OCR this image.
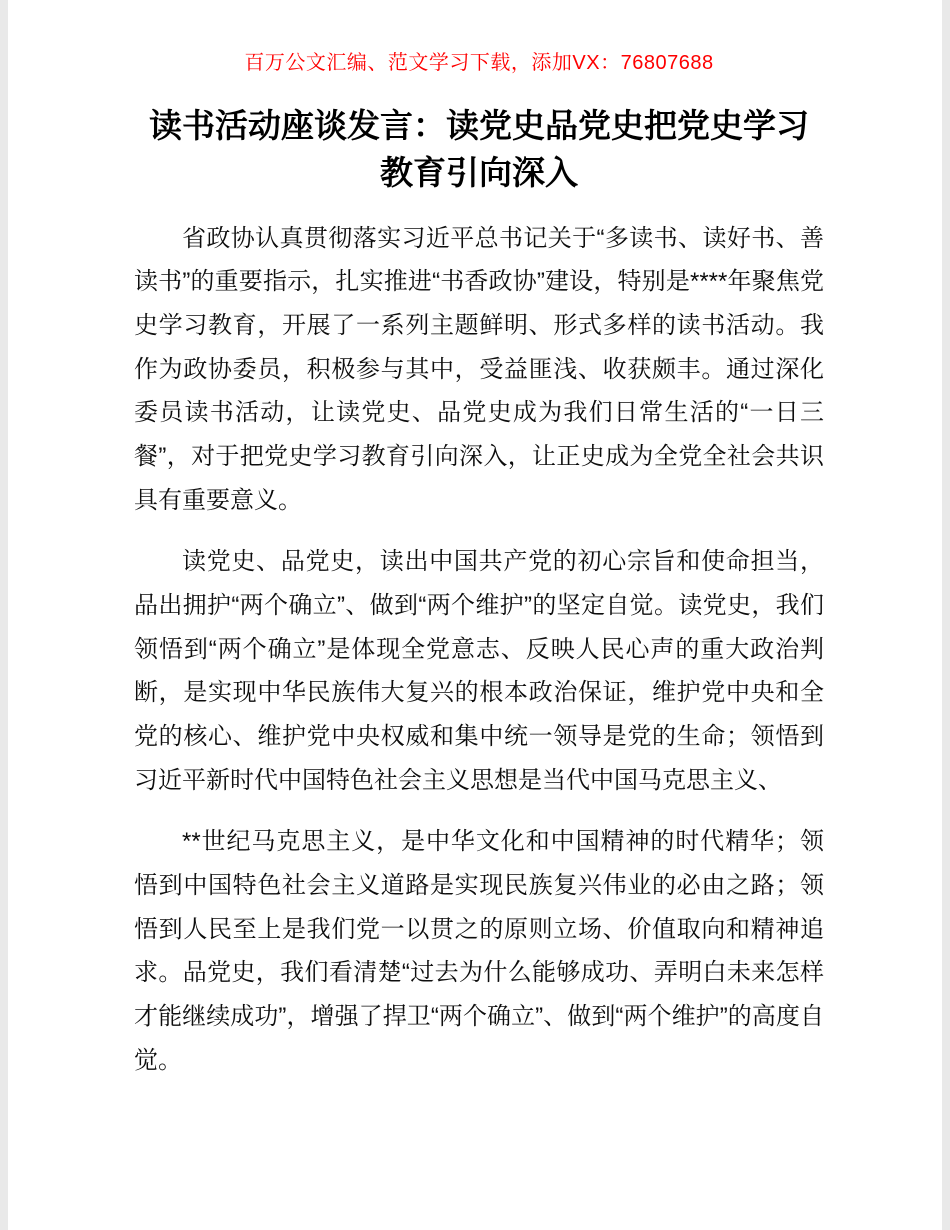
百万公文汇编、范文学习下载，添加VX：76807688
读书活动座谈发言：读党史品党史把党史学习教育引向深入

省政协认真贯彻落实习近平总书记关于“多读书、读好书、善读书”的重要指示，扎实推进“书香政协”建设，特别是****年聚焦党史学习教育，开展了一系列主题鲜明、形式多样的读书活动。我作为政协委员，积极参与其中，受益匪浅、收获颇丰。通过深化委员读书活动，让读党史、品党史成为我们日常生活的“一日三餐”，对于把党史学习教育引向深入，让正史成为全党全社会共识具有重要意义。

读党史、品党史，读出中国共产党的初心宗旨和使命担当，品出拥护“两个确立”、做到“两个维护”的坚定自觉。读党史，我们领悟到“两个确立”是体现全党意志、反映人民心声的重大政治判断，是实现中华民族伟大复兴的根本政治保证，维护党中央和全党的核心、维护党中央权威和集中统一领导是党的生命；领悟到习近平新时代中国特色社会主义思想是当代中国马克思主义、

**世纪马克思主义，是中华文化和中国精神的时代精华；领悟到中国特色社会主义道路是实现民族复兴伟业的必由之路；领悟到人民至上是我们党一以贯之的原则立场、价值取向和精神追求。品党史，我们看清楚“过去为什么能够成功、弄明白未来怎样才能继续成功”，增强了捍卫“两个确立”、做到“两个维护”的高度自觉。
